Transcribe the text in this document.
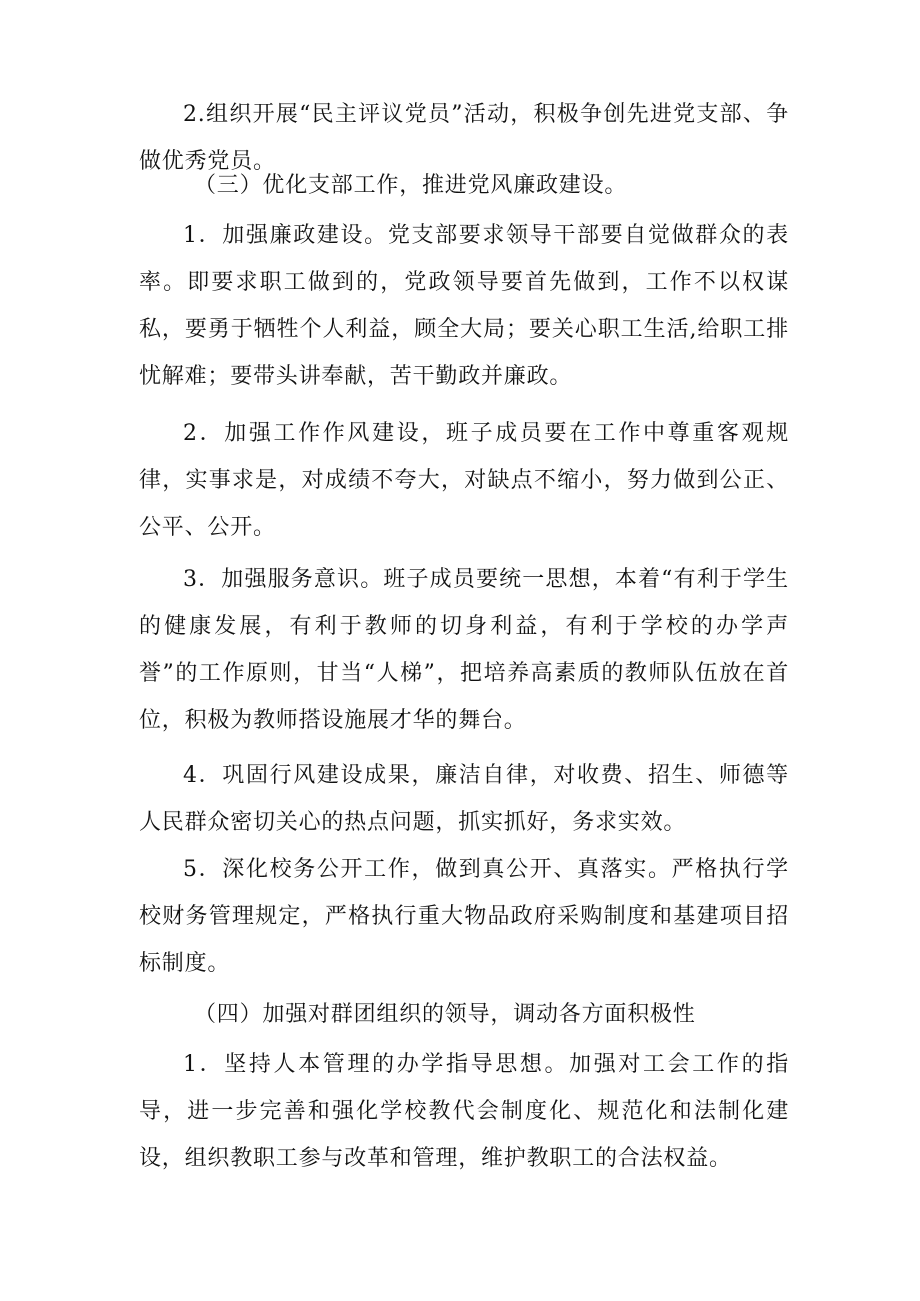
2.组织开展“民主评议党员”活动，积极争创先进党支部、争做优秀党员。

（三）优化支部工作，推进党风廉政建设。

1．加强廉政建设。党支部要求领导干部要自觉做群众的表率。即要求职工做到的，党政领导要首先做到，工作不以权谋私，要勇于牺牲个人利益，顾全大局；要关心职工生活,给职工排忧解难；要带头讲奉献，苦干勤政并廉政。

2．加强工作作风建设，班子成员要在工作中尊重客观规律，实事求是，对成绩不夸大，对缺点不缩小，努力做到公正、公平、公开。

3．加强服务意识。班子成员要统一思想，本着“有利于学生的健康发展，有利于教师的切身利益，有利于学校的办学声誉”的工作原则，甘当“人梯”，把培养高素质的教师队伍放在首位，积极为教师搭设施展才华的舞台。

4．巩固行风建设成果，廉洁自律，对收费、招生、师德等人民群众密切关心的热点问题，抓实抓好，务求实效。

5．深化校务公开工作，做到真公开、真落实。严格执行学校财务管理规定，严格执行重大物品政府采购制度和基建项目招标制度。

（四）加强对群团组织的领导，调动各方面积极性

1．坚持人本管理的办学指导思想。加强对工会工作的指导，进一步完善和强化学校教代会制度化、规范化和法制化建设，组织教职工参与改革和管理，维护教职工的合法权益。
